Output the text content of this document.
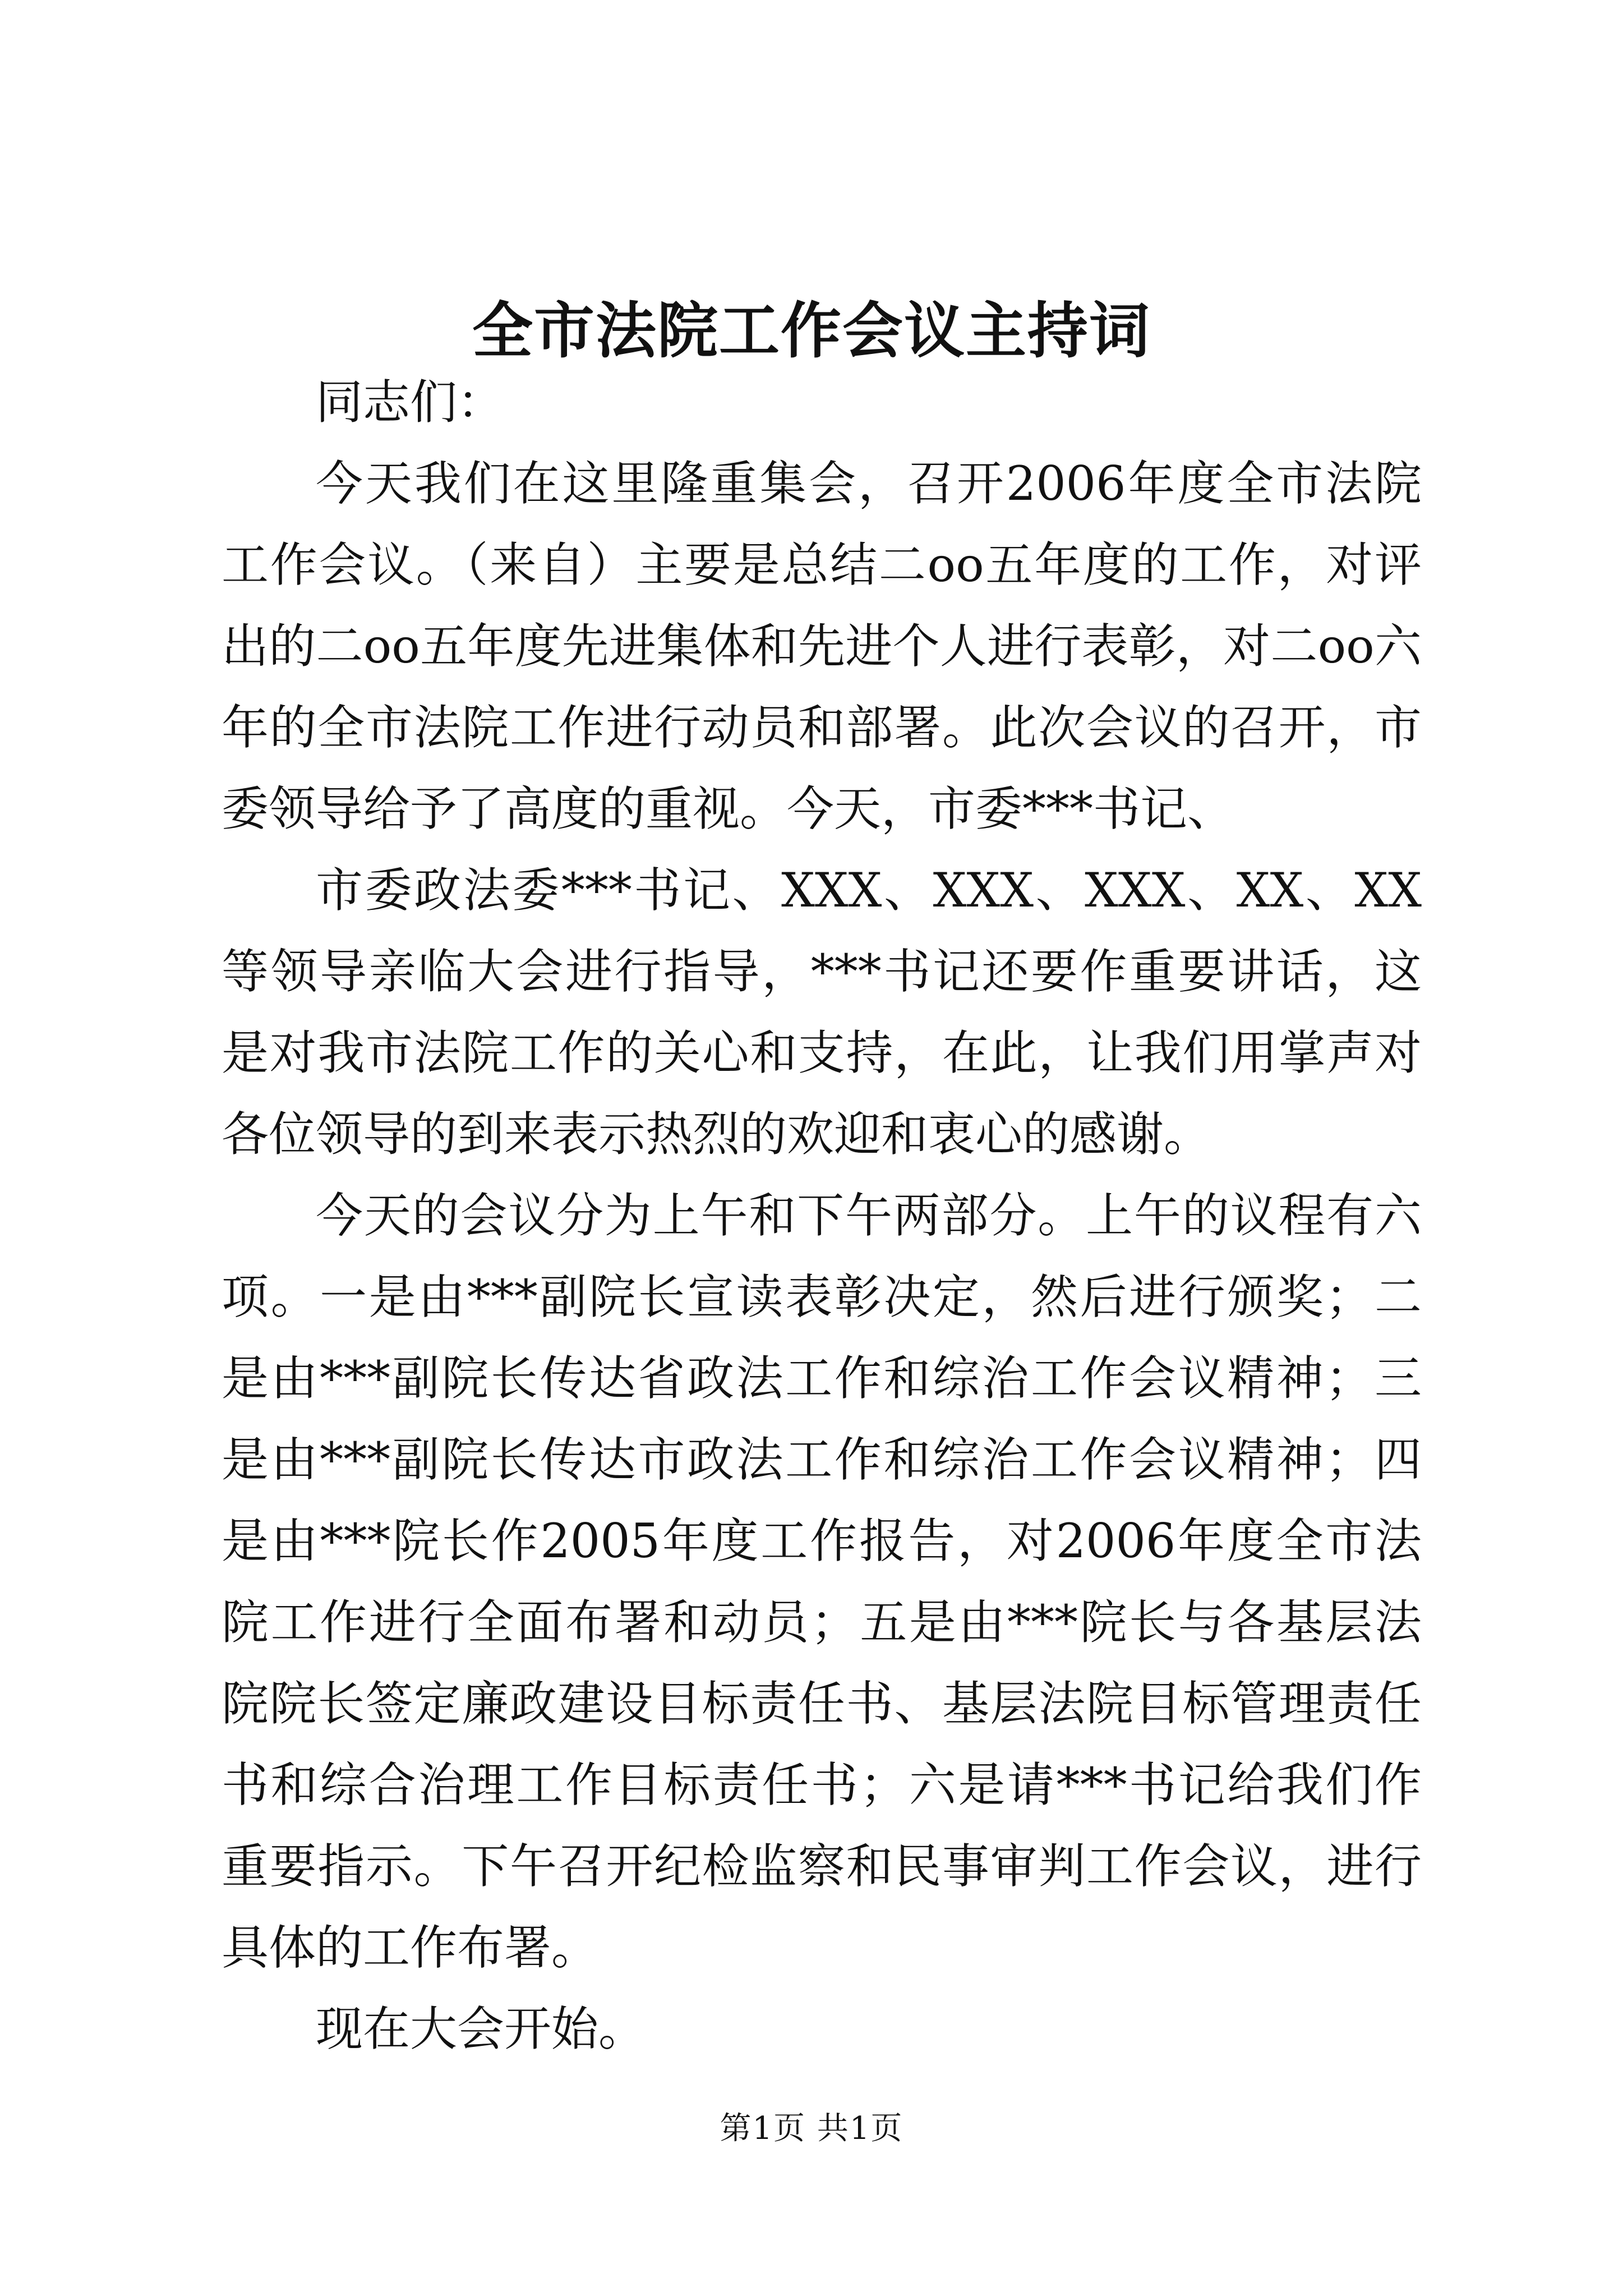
全市法院工作会议主持词

同志们：

今天我们在这里隆重集会，召开2006年度全市法院工作会议。（来自）主要是总结二oo五年度的工作，对评出的二oo五年度先进集体和先进个人进行表彰，对二oo六年的全市法院工作进行动员和部署。此次会议的召开，市委领导给予了高度的重视。今天，市委***书记、

市委政法委***书记、XXX、XXX、XXX、XX、XX等领导亲临大会进行指导，***书记还要作重要讲话，这是对我市法院工作的关心和支持，在此，让我们用掌声对各位领导的到来表示热烈的欢迎和衷心的感谢。

今天的会议分为上午和下午两部分。上午的议程有六项。一是由***副院长宣读表彰决定，然后进行颁奖；二是由***副院长传达省政法工作和综治工作会议精神；三是由***副院长传达市政法工作和综治工作会议精神；四是由***院长作2005年度工作报告，对2006年度全市法院工作进行全面布署和动员；五是由***院长与各基层法院院长签定廉政建设目标责任书、基层法院目标管理责任书和综合治理工作目标责任书；六是请***书记给我们作重要指示。下午召开纪检监察和民事审判工作会议，进行具体的工作布署。

现在大会开始。

第1页 共1页
